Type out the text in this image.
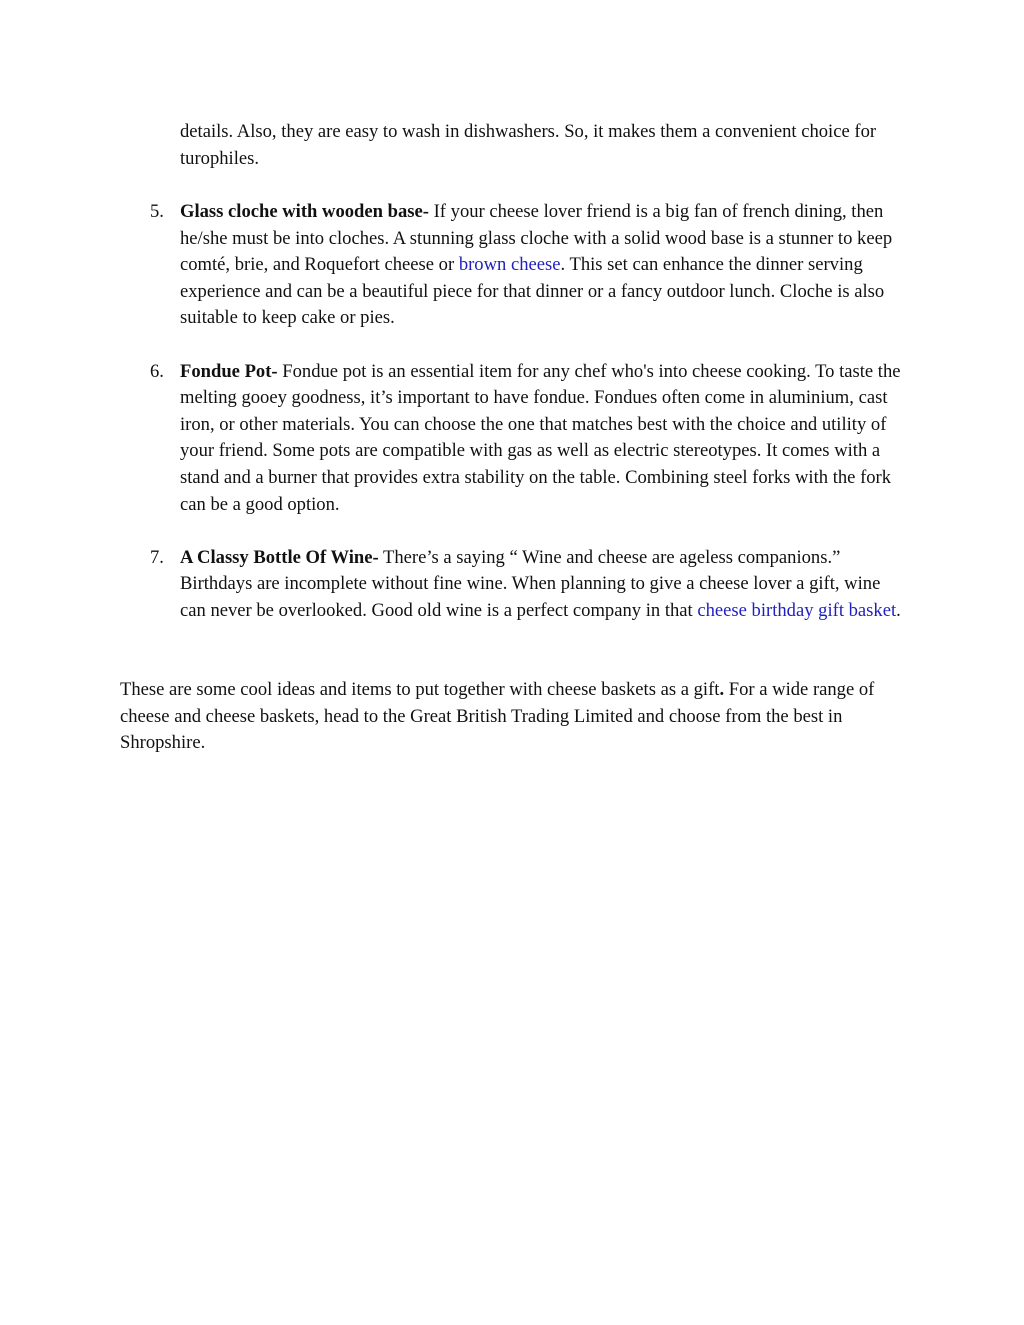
details. Also, they are easy to wash in dishwashers. So, it makes them a convenient choice for turophiles.

5. Glass cloche with wooden base- If your cheese lover friend is a big fan of french dining, then he/she must be into cloches. A stunning glass cloche with a solid wood base is a stunner to keep comté, brie, and Roquefort cheese or brown cheese. This set can enhance the dinner serving experience and can be a beautiful piece for that dinner or a fancy outdoor lunch. Cloche is also suitable to keep cake or pies.
6. Fondue Pot- Fondue pot is an essential item for any chef who's into cheese cooking. To taste the melting gooey goodness, it’s important to have fondue. Fondues often come in aluminium, cast iron, or other materials. You can choose the one that matches best with the choice and utility of your friend. Some pots are compatible with gas as well as electric stereotypes. It comes with a stand and a burner that provides extra stability on the table. Combining steel forks with the fork can be a good option.
7. A Classy Bottle Of Wine- There’s a saying “ Wine and cheese are ageless companions.” Birthdays are incomplete without fine wine. When planning to give a cheese lover a gift, wine can never be overlooked. Good old wine is a perfect company in that cheese birthday gift basket.

These are some cool ideas and items to put together with cheese baskets as a gift. For a wide range of cheese and cheese baskets, head to the Great British Trading Limited and choose from the best in Shropshire.
